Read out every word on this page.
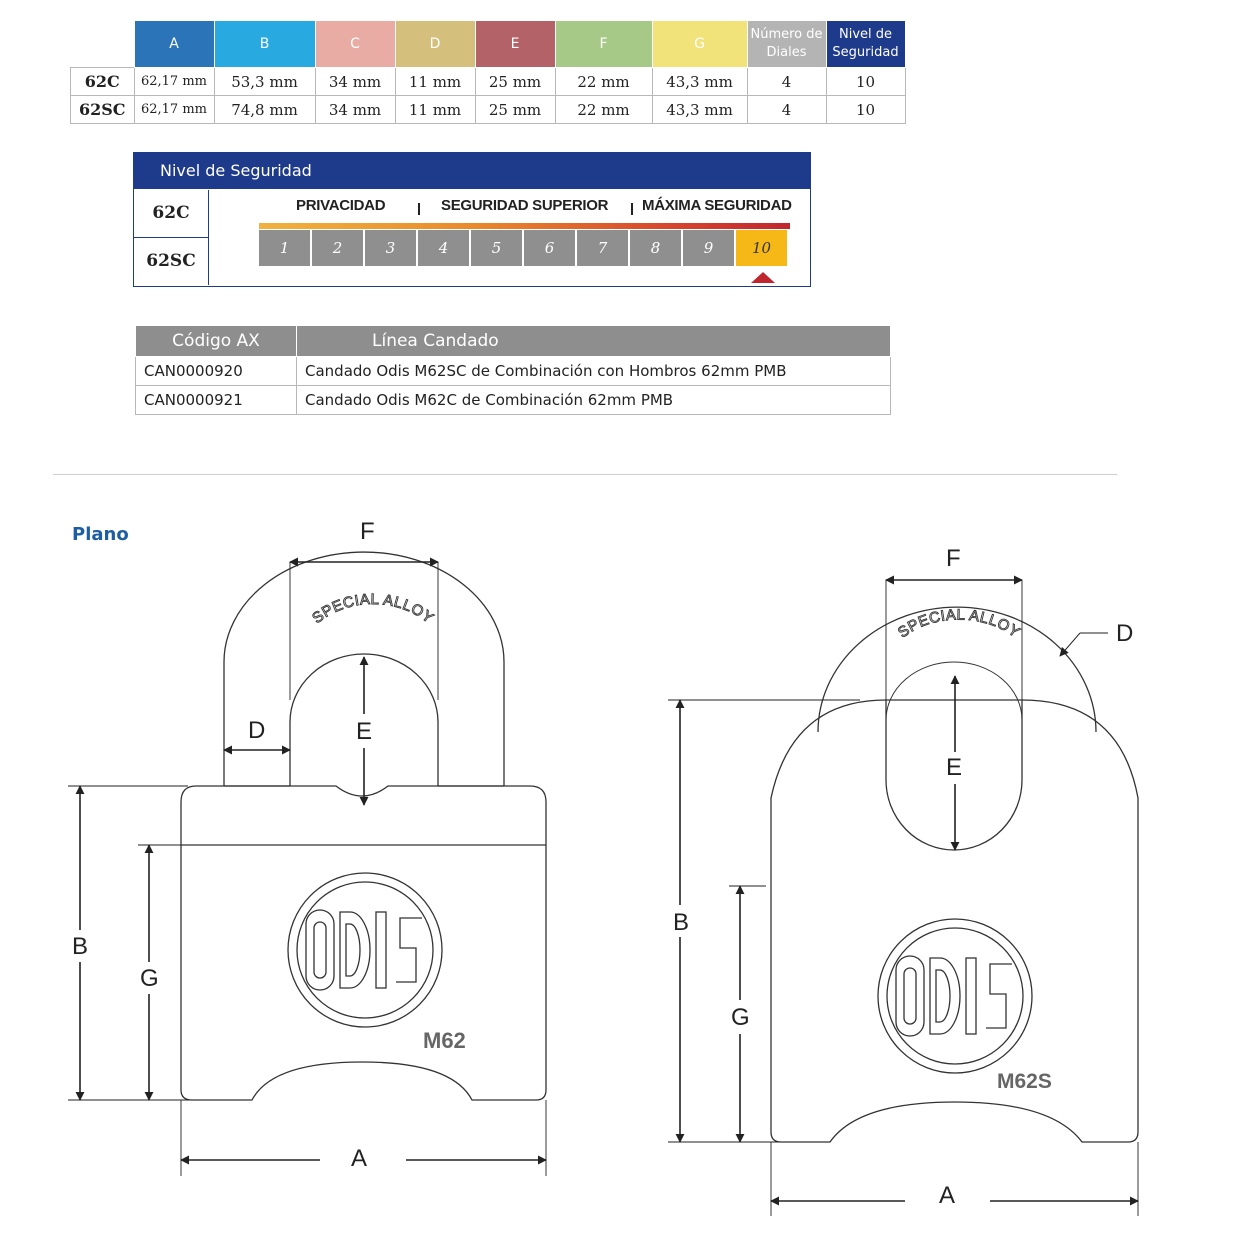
	A	B	C	D	E	F	G	Número de Diales	Nivel de Seguridad
62C	62,17 mm	53,3 mm	34 mm	11 mm	25 mm	22 mm	43,3 mm	4	10
62SC	62,17 mm	74,8 mm	34 mm	11 mm	25 mm	22 mm	43,3 mm	4	10
Nivel de Seguridad
62C
62SC
PRIVACIDAD	SEGURIDAD SUPERIOR MÁXIMA SEGURIDAD
1	2	3	4	5	6	7	8	9	10
Código AX	Línea Candado
CAN0000920	Candado Odis M62SC de Combinación con Hombros 62mm PMB
CAN0000921	Candado Odis M62C de Combinación 62mm PMB
Plano
SPECIAL ALLOY
M62
F
D	E
B
G
A
SPECIAL ALLOY
M62S
F
D
E
B
G
A
